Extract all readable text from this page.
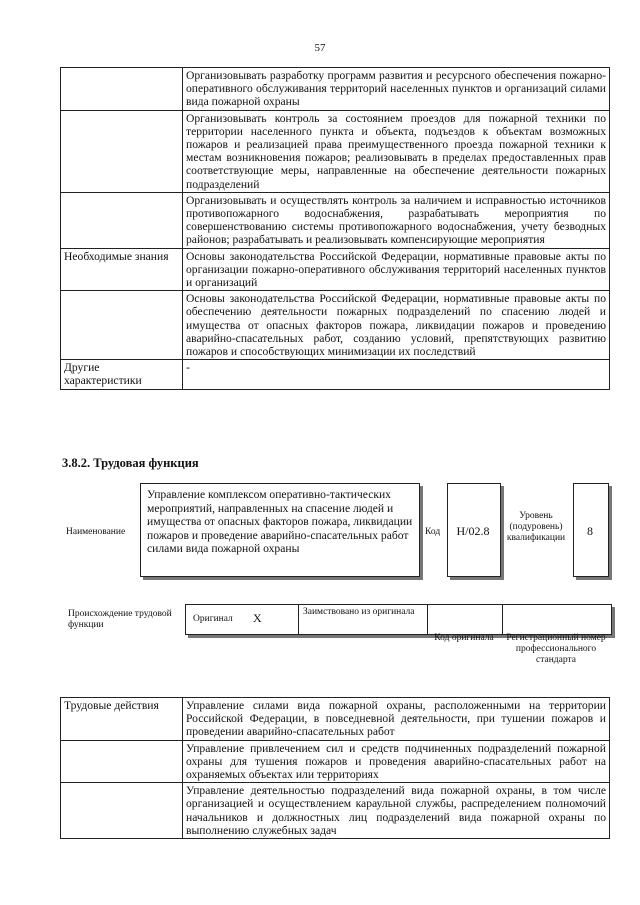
57
	Организовывать разработку программ развития и ресурсного обеспечения пожарно-оперативного обслуживания территорий населенных пунктов и организаций силами вида пожарной охраны
	Организовывать контроль за состоянием проездов для пожарной техники по территории населенного пункта и объекта, подъездов к объектам возможных пожаров и реализацией права преимущественного проезда пожарной техники к местам возникновения пожаров; реализовывать в пределах предоставленных прав соответствующие меры, направленные на обеспечение деятельности пожарных подразделений
	Организовывать и осуществлять контроль за наличием и исправностью источников противопожарного водоснабжения, разрабатывать мероприятия по совершенствованию системы противопожарного водоснабжения, учету безводных районов; разрабатывать и реализовывать компенсирующие мероприятия
Необходимые знания	Основы законодательства Российской Федерации, нормативные правовые акты по организации пожарно-оперативного обслуживания территорий населенных пунктов и организаций
	Основы законодательства Российской Федерации, нормативные правовые акты по обеспечению деятельности пожарных подразделений по спасению людей и имущества от опасных факторов пожара, ликвидации пожаров и проведению аварийно-спасательных работ, созданию условий, препятствующих развитию пожаров и способствующих минимизации их последствий
Другие характеристики	-
3.8.2. Трудовая функция
Наименование
Управление комплексом оперативно-тактических мероприятий, направленных на спасение людей и имущества от опасных факторов пожара, ликвидации пожаров и проведение аварийно-спасательных работ силами вида пожарной охраны
Код	H/02.8
Уровень (подуровень) квалификации	8
Происхождение трудовой функции
Оригинал X	Заимствовано из оригинала
Код оригинала	Регистрационный номер профессионального стандарта
Трудовые действия	Управление силами вида пожарной охраны, расположенными на территории Российской Федерации, в повседневной деятельности, при тушении пожаров и проведении аварийно-спасательных работ
	Управление привлечением сил и средств подчиненных подразделений пожарной охраны для тушения пожаров и проведения аварийно-спасательных работ на охраняемых объектах или территориях
	Управление деятельностью подразделений вида пожарной охраны, в том числе организацией и осуществлением караульной службы, распределением полномочий начальников и должностных лиц подразделений вида пожарной охраны по выполнению служебных задач
